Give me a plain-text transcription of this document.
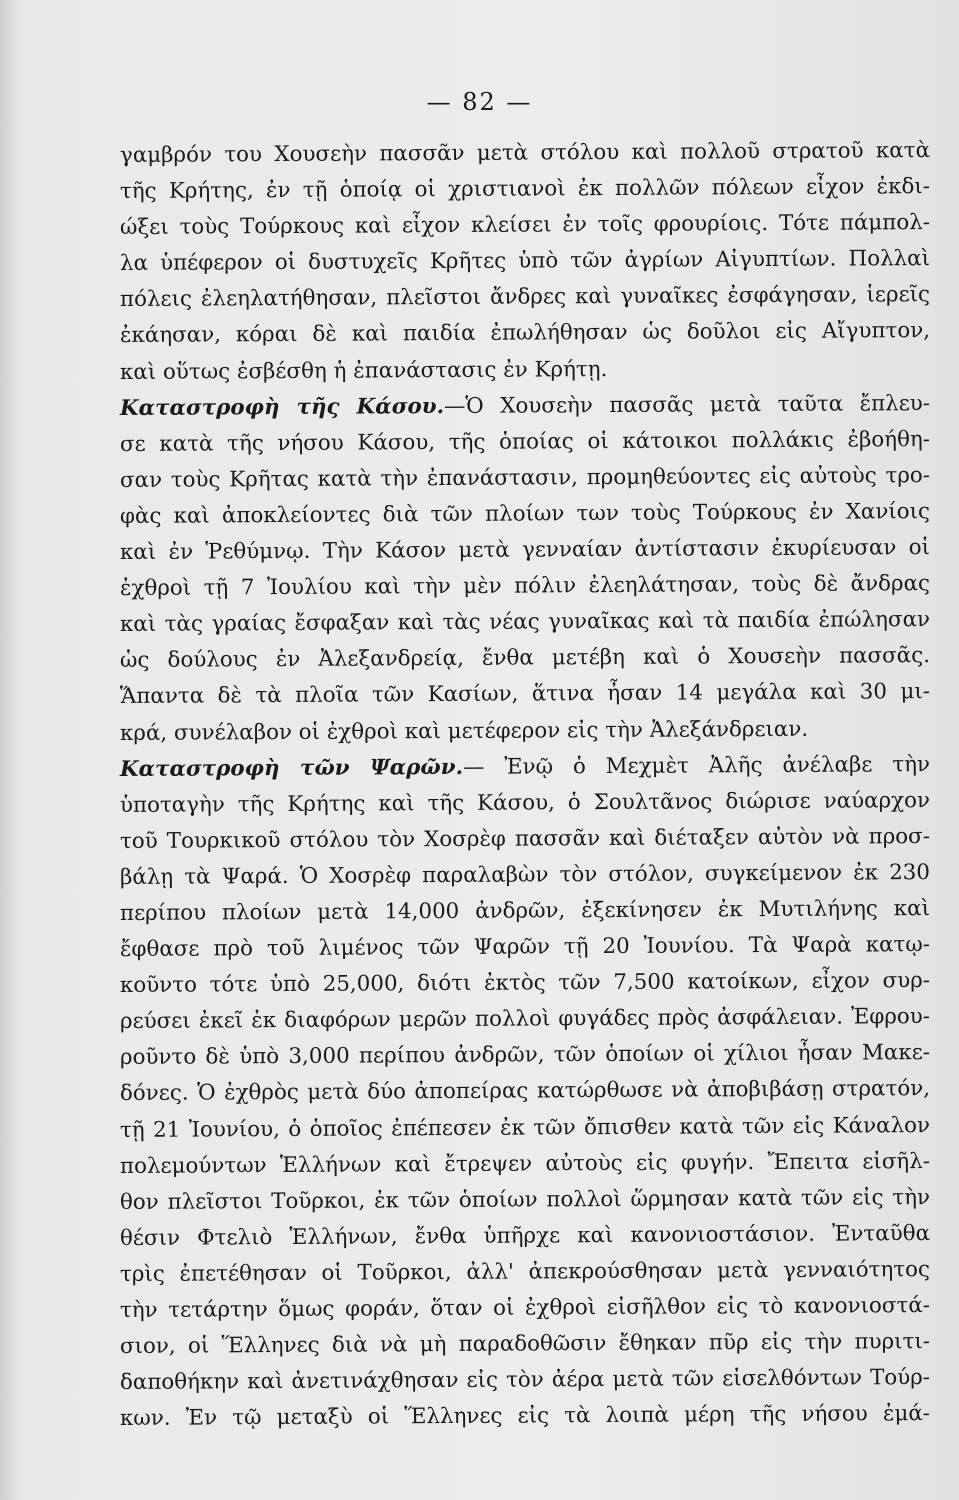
— 82 —
γαμβρόν του Χουσεὴν πασσᾶν μετὰ στόλου καὶ πολλοῦ στρατοῦ κατὰ
τῆς Κρήτης, ἐν τῇ ὁποίᾳ οἱ χριστιανοὶ ἐκ πολλῶν πόλεων εἶχον ἐκδι-
ώξει τοὺς Τούρκους καὶ εἶχον κλείσει ἐν τοῖς φρουρίοις. Τότε πάμπολ-
λα ὑπέφερον οἱ δυστυχεῖς Κρῆτες ὑπὸ τῶν ἀγρίων Αἰγυπτίων. Πολλαὶ
πόλεις ἐλεηλατήθησαν, πλεῖστοι ἄνδρες καὶ γυναῖκες ἐσφάγησαν, ἱερεῖς
ἐκάησαν, κόραι δὲ καὶ παιδία ἐπωλήθησαν ὡς δοῦλοι εἰς Αἴγυπτον,
καὶ οὕτως ἐσβέσθη ἡ ἐπανάστασις ἐν Κρήτῃ.
Καταστροφὴ τῆς Κάσου.—Ὁ Χουσεὴν πασσᾶς μετὰ ταῦτα ἔπλευ-
σε κατὰ τῆς νήσου Κάσου, τῆς ὁποίας οἱ κάτοικοι πολλάκις ἐβοήθη-
σαν τοὺς Κρῆτας κατὰ τὴν ἐπανάστασιν, προμηθεύοντες εἰς αὐτοὺς τρο-
φὰς καὶ ἀποκλείοντες διὰ τῶν πλοίων των τοὺς Τούρκους ἐν Χανίοις
καὶ ἐν Ῥεθύμνῳ. Τὴν Κάσον μετὰ γενναίαν ἀντίστασιν ἐκυρίευσαν οἱ
ἐχθροὶ τῇ 7 Ἰουλίου καὶ τὴν μὲν πόλιν ἐλεηλάτησαν, τοὺς δὲ ἄνδρας
καὶ τὰς γραίας ἔσφαξαν καὶ τὰς νέας γυναῖκας καὶ τὰ παιδία ἐπώλησαν
ὡς δούλους ἐν Ἀλεξανδρείᾳ, ἔνθα μετέβη καὶ ὁ Χουσεὴν πασσᾶς.
Ἅπαντα δὲ τὰ πλοῖα τῶν Κασίων, ἅτινα ἦσαν 14 μεγάλα καὶ 30 μι-
κρά, συνέλαβον οἱ ἐχθροὶ καὶ μετέφερον εἰς τὴν Ἀλεξάνδρειαν.
Καταστροφὴ τῶν Ψαρῶν.— Ἐνῷ ὁ Μεχμὲτ Ἀλῆς ἀνέλαβε τὴν
ὑποταγὴν τῆς Κρήτης καὶ τῆς Κάσου, ὁ Σουλτᾶνος διώρισε ναύαρχον
τοῦ Τουρκικοῦ στόλου τὸν Χοσρὲφ πασσᾶν καὶ διέταξεν αὐτὸν νὰ προσ-
βάλῃ τὰ Ψαρά. Ὁ Χοσρὲφ παραλαβὼν τὸν στόλον, συγκείμενον ἐκ 230
περίπου πλοίων μετὰ 14,000 ἀνδρῶν, ἐξεκίνησεν ἐκ Μυτιλήνης καὶ
ἔφθασε πρὸ τοῦ λιμένος τῶν Ψαρῶν τῇ 20 Ἰουνίου. Τὰ Ψαρὰ κατῳ-
κοῦντο τότε ὑπὸ 25,000, διότι ἐκτὸς τῶν 7,500 κατοίκων, εἶχον συρ-
ρεύσει ἐκεῖ ἐκ διαφόρων μερῶν πολλοὶ φυγάδες πρὸς ἀσφάλειαν. Ἐφρου-
ροῦντο δὲ ὑπὸ 3,000 περίπου ἀνδρῶν, τῶν ὁποίων οἱ χίλιοι ἦσαν Μακε-
δόνες. Ὁ ἐχθρὸς μετὰ δύο ἀποπείρας κατώρθωσε νὰ ἀποβιβάσῃ στρατόν,
τῇ 21 Ἰουνίου, ὁ ὁποῖος ἐπέπεσεν ἐκ τῶν ὄπισθεν κατὰ τῶν εἰς Κάναλον
πολεμούντων Ἑλλήνων καὶ ἔτρεψεν αὐτοὺς εἰς φυγήν. Ἔπειτα εἰσῆλ-
θον πλεῖστοι Τοῦρκοι, ἐκ τῶν ὁποίων πολλοὶ ὥρμησαν κατὰ τῶν εἰς τὴν
θέσιν Φτελιὸ Ἑλλήνων, ἔνθα ὑπῆρχε καὶ κανονιοστάσιον. Ἐνταῦθα
τρὶς ἐπετέθησαν οἱ Τοῦρκοι, ἀλλ' ἀπεκρούσθησαν μετὰ γενναιότητος
τὴν τετάρτην ὅμως φοράν, ὅταν οἱ ἐχθροὶ εἰσῆλθον εἰς τὸ κανονιοστά-
σιον, οἱ Ἕλληνες διὰ νὰ μὴ παραδοθῶσιν ἔθηκαν πῦρ εἰς τὴν πυριτι-
δαποθήκην καὶ ἀνετινάχθησαν εἰς τὸν ἀέρα μετὰ τῶν εἰσελθόντων Τούρ-
κων. Ἐν τῷ μεταξὺ οἱ Ἕλληνες εἰς τὰ λοιπὰ μέρη τῆς νήσου ἐμά-
